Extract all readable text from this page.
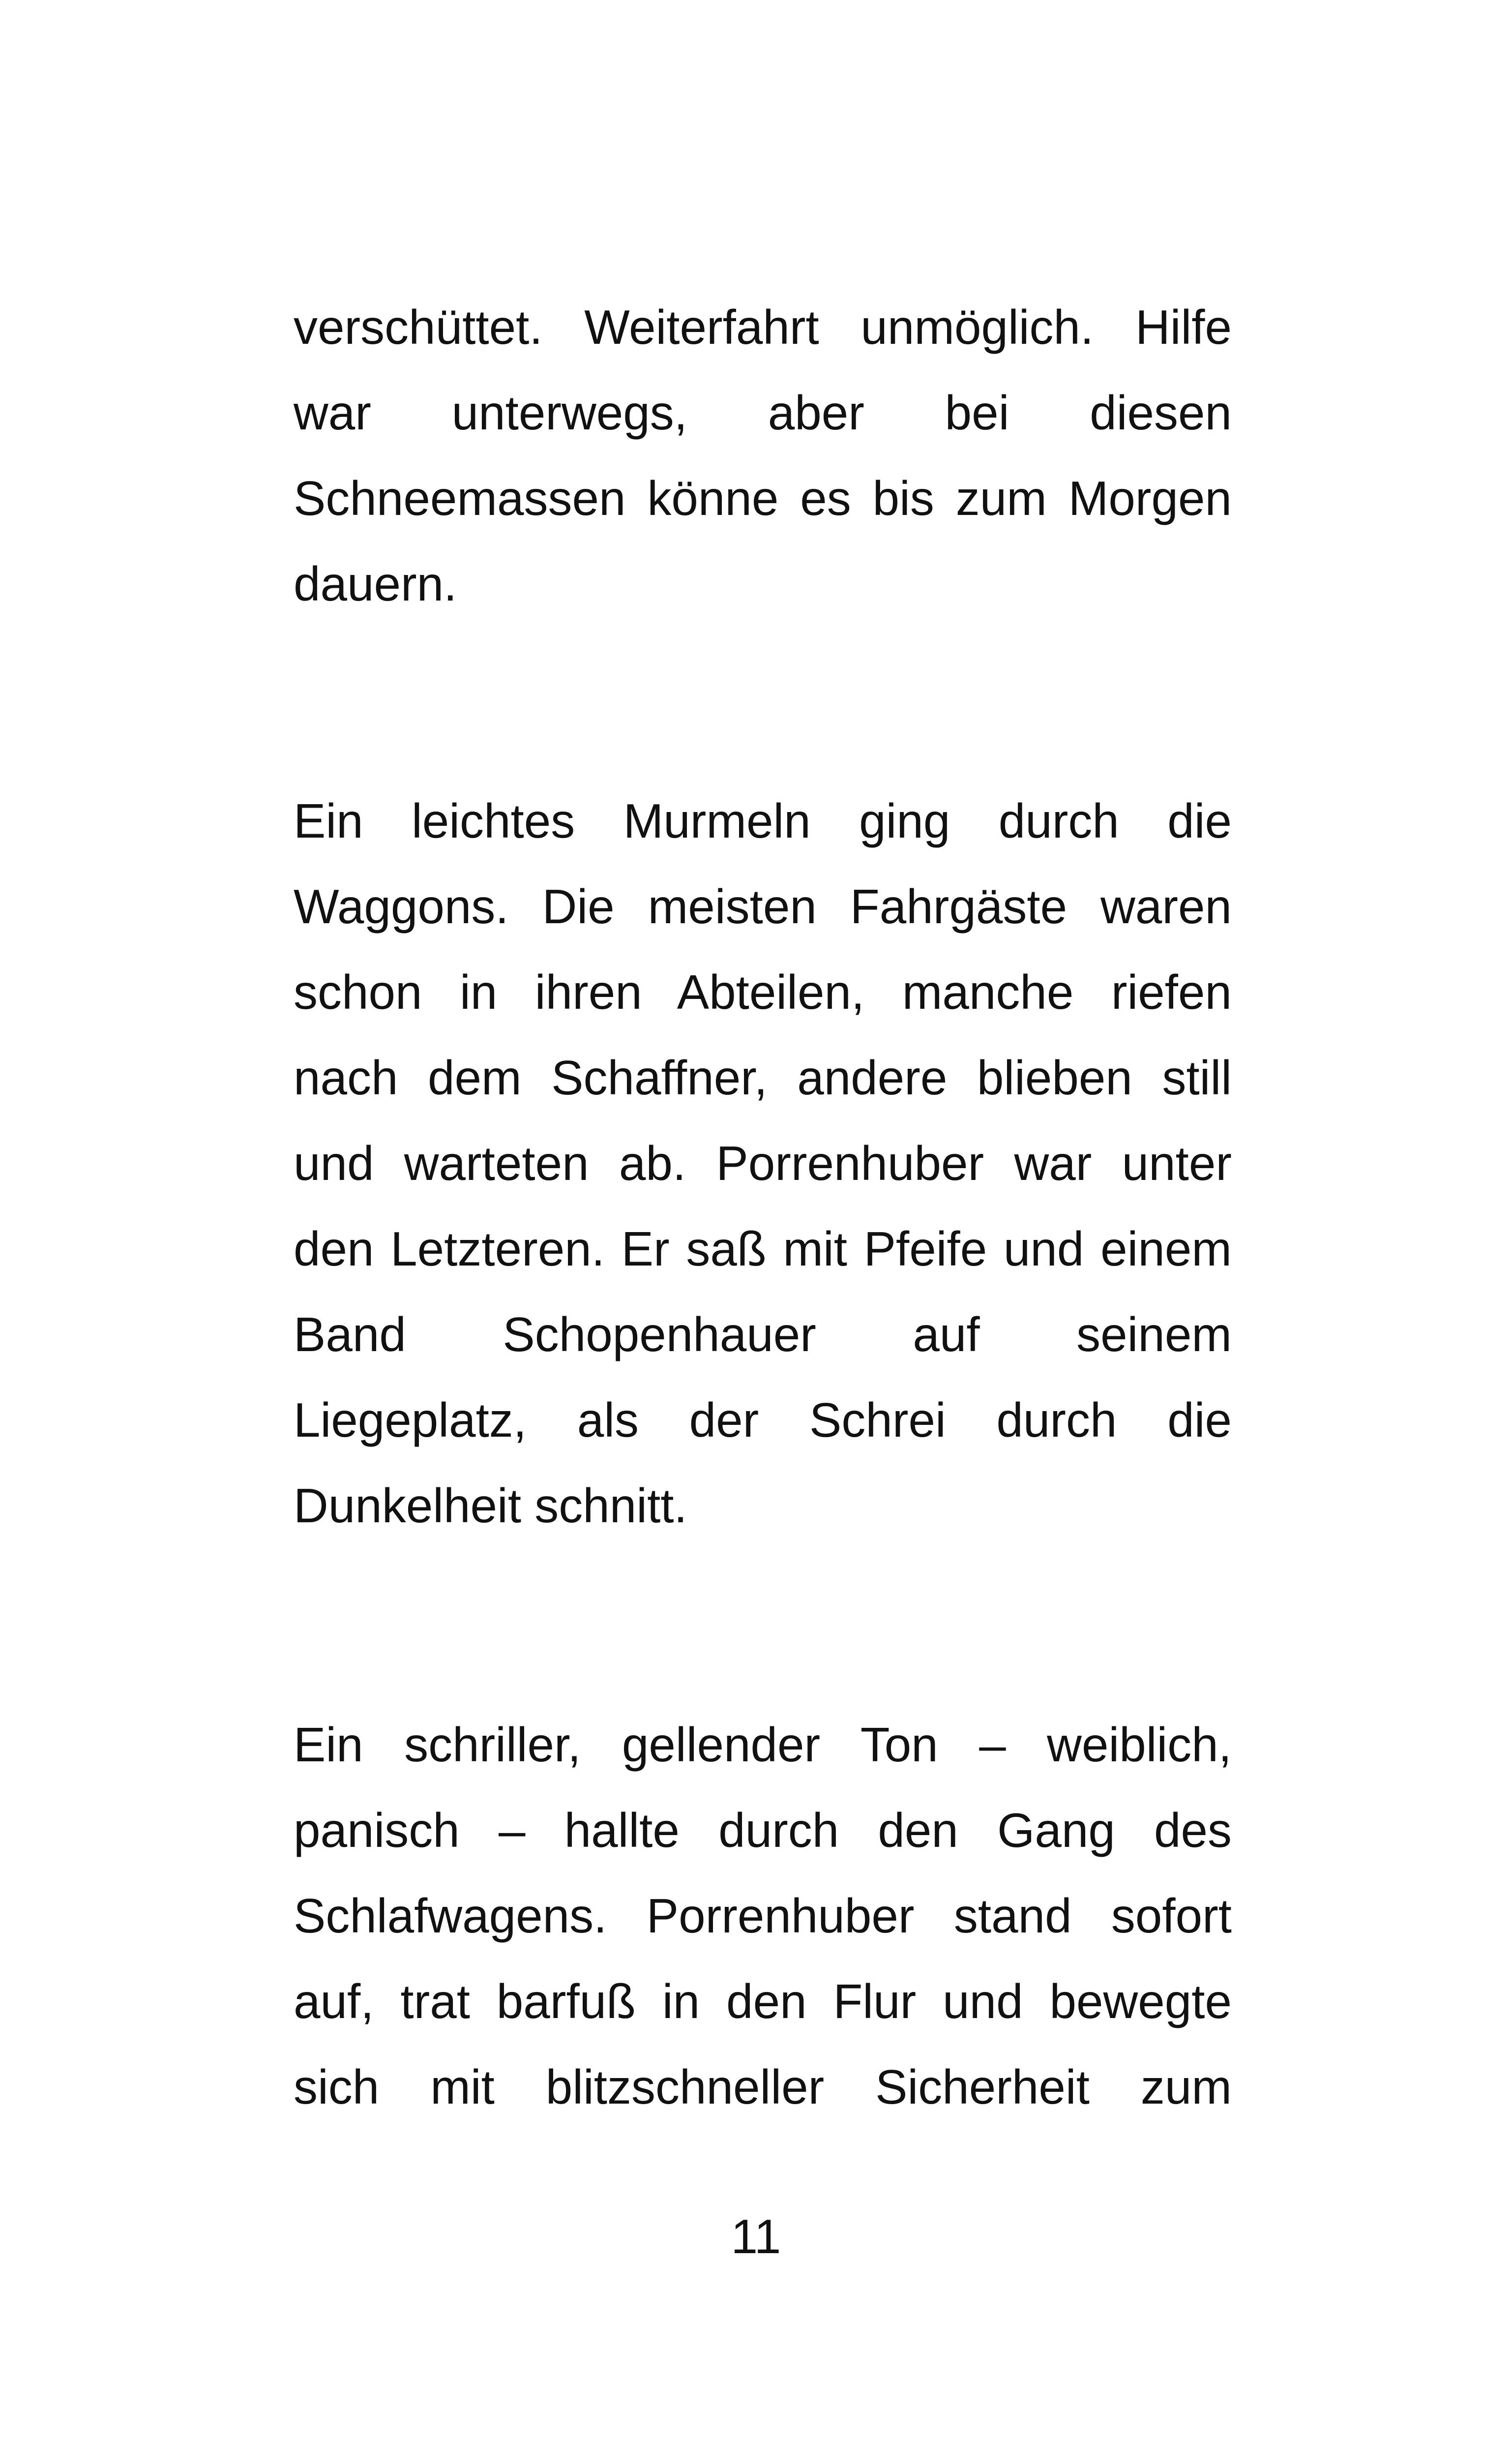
verschüttet. Weiterfahrt unmöglich. Hilfe
war unterwegs, aber bei diesen
Schneemassen könne es bis zum Morgen
dauern.
Ein leichtes Murmeln ging durch die
Waggons. Die meisten Fahrgäste waren
schon in ihren Abteilen, manche riefen
nach dem Schaffner, andere blieben still
und warteten ab. Porrenhuber war unter
den Letzteren. Er saß mit Pfeife und einem
Band Schopenhauer auf seinem
Liegeplatz, als der Schrei durch die
Dunkelheit schnitt.
Ein schriller, gellender Ton – weiblich,
panisch – hallte durch den Gang des
Schlafwagens. Porrenhuber stand sofort
auf, trat barfuß in den Flur und bewegte
sich mit blitzschneller Sicherheit zum
11
